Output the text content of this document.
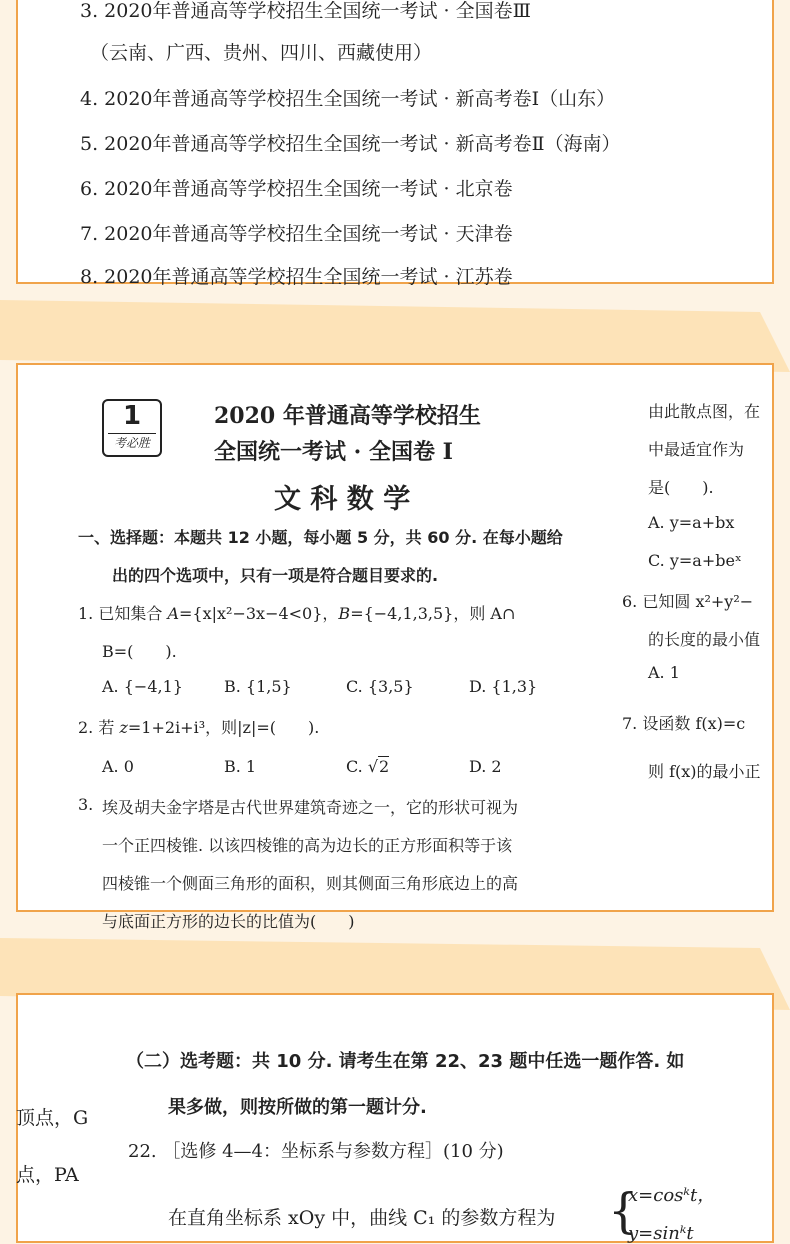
3. 2020年普通高等学校招生全国统一考试 · 全国卷Ⅲ
（云南、广西、贵州、四川、西藏使用）
4. 2020年普通高等学校招生全国统一考试 · 新高考卷Ⅰ（山东）
5. 2020年普通高等学校招生全国统一考试 · 新高考卷Ⅱ（海南）
6. 2020年普通高等学校招生全国统一考试 · 北京卷
7. 2020年普通高等学校招生全国统一考试 · 天津卷
8. 2020年普通高等学校招生全国统一考试 · 江苏卷
1
考必胜
2020 年普通高等学校招生
全国统一考试 · 全国卷 Ⅰ
文 科 数 学
一、选择题：本题共 12 小题，每小题 5 分，共 60 分. 在每小题给
出的四个选项中，只有一项是符合题目要求的.
1. 已知集合 A={x|x²−3x−4<0}，B={−4,1,3,5}，则 A∩
B=(　　).
A. {−4,1}	B. {1,5}	C. {3,5}	D. {1,3}
2. 若 z=1+2i+i³，则|z|=(　　).
A. 0	B. 1	C. √2	D. 2
3. 埃及胡夫金字塔是古代世界建筑奇迹之一，它的形状可视为
一个正四棱锥. 以该四棱锥的高为边长的正方形面积等于该
四棱锥一个侧面三角形的面积，则其侧面三角形底边上的高
与底面正方形的边长的比值为(　　)
由此散点图，在
中最适宜作为
是(　　).
A. y=a+bx
C. y=a+beˣ
6. 已知圆 x²+y²−
的长度的最小值
A. 1
7. 设函数 f(x)=c
则 f(x)的最小正
（二）选考题：共 10 分. 请考生在第 22、23 题中任选一题作答. 如
果多做，则按所做的第一题计分.
22. ［选修 4—4：坐标系与参数方程］(10 分)
在直角坐标系 xOy 中，曲线 C₁ 的参数方程为 {
x=cosᵏt，
y=sinᵏt
顶点，G
点，PA
